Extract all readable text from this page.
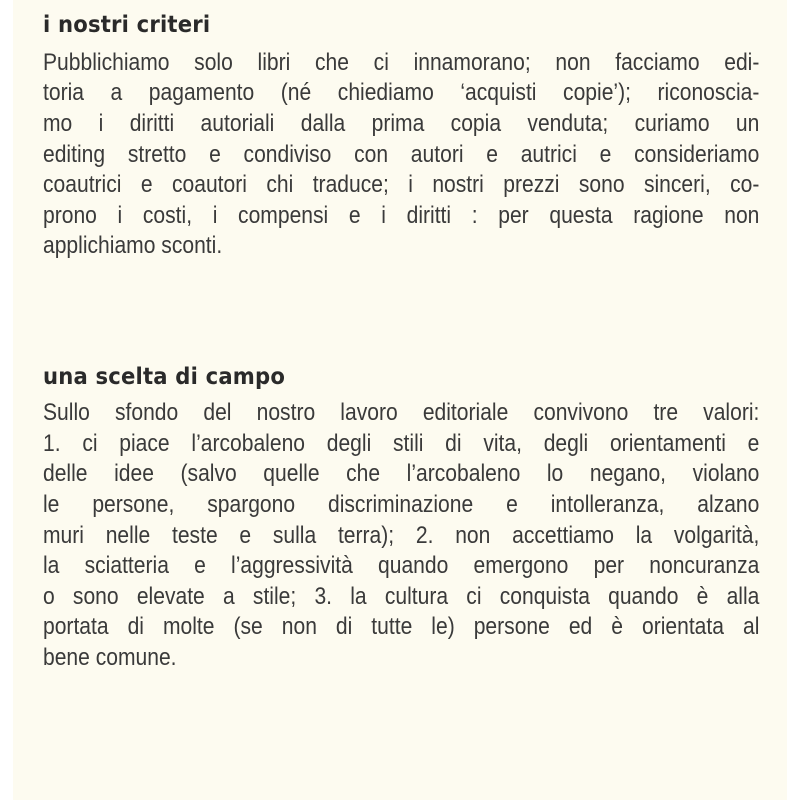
i nostri criteri
Pubblichiamo solo libri che ci innamorano; non facciamo edi-
toria a pagamento (né chiediamo ‘acquisti copie’); riconoscia-
mo i diritti autoriali dalla prima copia venduta; curiamo un
editing stretto e condiviso con autori e autrici e consideriamo
coautrici e coautori chi traduce; i nostri prezzi sono sinceri, co-
prono i costi, i compensi e i diritti : per questa ragione non
applichiamo sconti.
una scelta di campo
Sullo sfondo del nostro lavoro editoriale convivono tre valori:
1. ci piace l’arcobaleno degli stili di vita, degli orientamenti e
delle idee (salvo quelle che l’arcobaleno lo negano, violano
le persone, spargono discriminazione e intolleranza, alzano
muri nelle teste e sulla terra); 2. non accettiamo la volgarità,
la sciatteria e l’aggressività quando emergono per noncuranza
o sono elevate a stile; 3. la cultura ci conquista quando è alla
portata di molte (se non di tutte le) persone ed è orientata al
bene comune.
